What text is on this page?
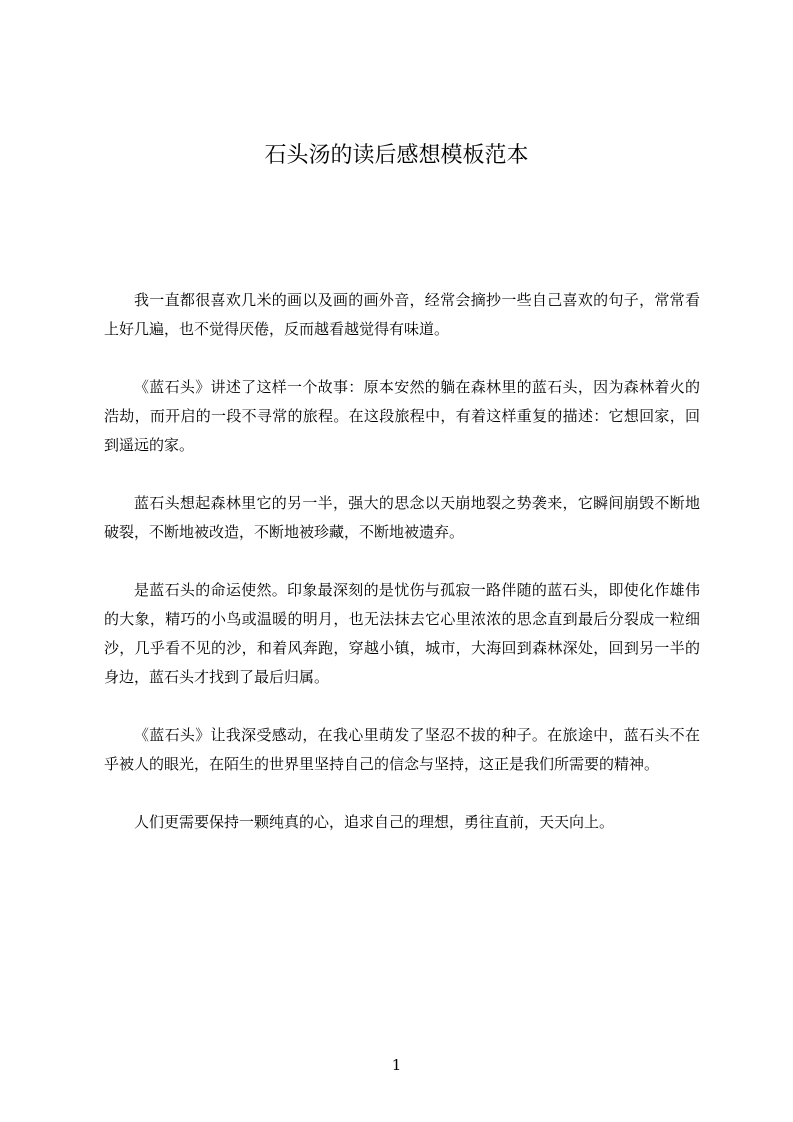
石头汤的读后感想模板范本

我一直都很喜欢几米的画以及画的画外音，经常会摘抄一些自己喜欢的句子，常常看上好几遍，也不觉得厌倦，反而越看越觉得有味道。

《蓝石头》讲述了这样一个故事：原本安然的躺在森林里的蓝石头，因为森林着火的浩劫，而开启的一段不寻常的旅程。在这段旅程中，有着这样重复的描述：它想回家，回到遥远的家。

蓝石头想起森林里它的另一半，强大的思念以天崩地裂之势袭来，它瞬间崩毁不断地破裂，不断地被改造，不断地被珍藏，不断地被遗弃。

是蓝石头的命运使然。印象最深刻的是忧伤与孤寂一路伴随的蓝石头，即使化作雄伟的大象，精巧的小鸟或温暖的明月，也无法抹去它心里浓浓的思念直到最后分裂成一粒细沙，几乎看不见的沙，和着风奔跑，穿越小镇，城市，大海回到森林深处，回到另一半的身边，蓝石头才找到了最后归属。

《蓝石头》让我深受感动，在我心里萌发了坚忍不拔的种子。在旅途中，蓝石头不在乎被人的眼光，在陌生的世界里坚持自己的信念与坚持，这正是我们所需要的精神。

人们更需要保持一颗纯真的心，追求自己的理想，勇往直前，天天向上。

1
